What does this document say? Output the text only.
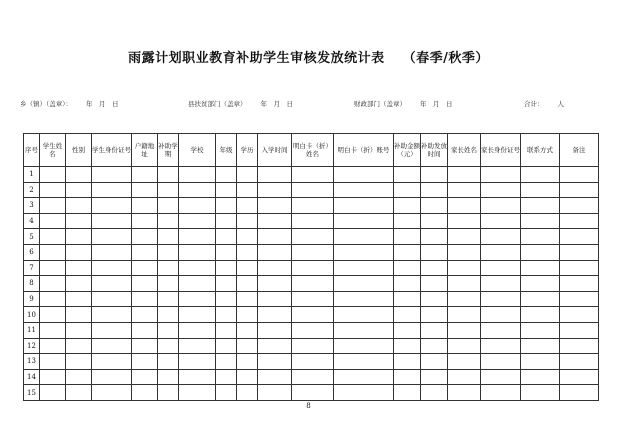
雨露计划职业教育补助学生审核发放统计表 （春季/秋季）
乡（镇）（盖章）： 年　月　日	县扶贫部门（盖章） 年　月　日	财政部门（盖章） 年　月　日	合计： 人
序号	学生姓名	性别	学生身份证号	户籍地址	补助学期	学校	年级	学历	入学时间	明白卡（折）姓名	明白卡（折）账号	补助金额（元）	补助发放时间	家长姓名	家长身份证号	联系方式	备注
1																	
2																	
3																	
4																	
5																	
6																	
7																	
8																	
9																	
10																	
11																	
12																	
13																	
14																	
15																	
8
